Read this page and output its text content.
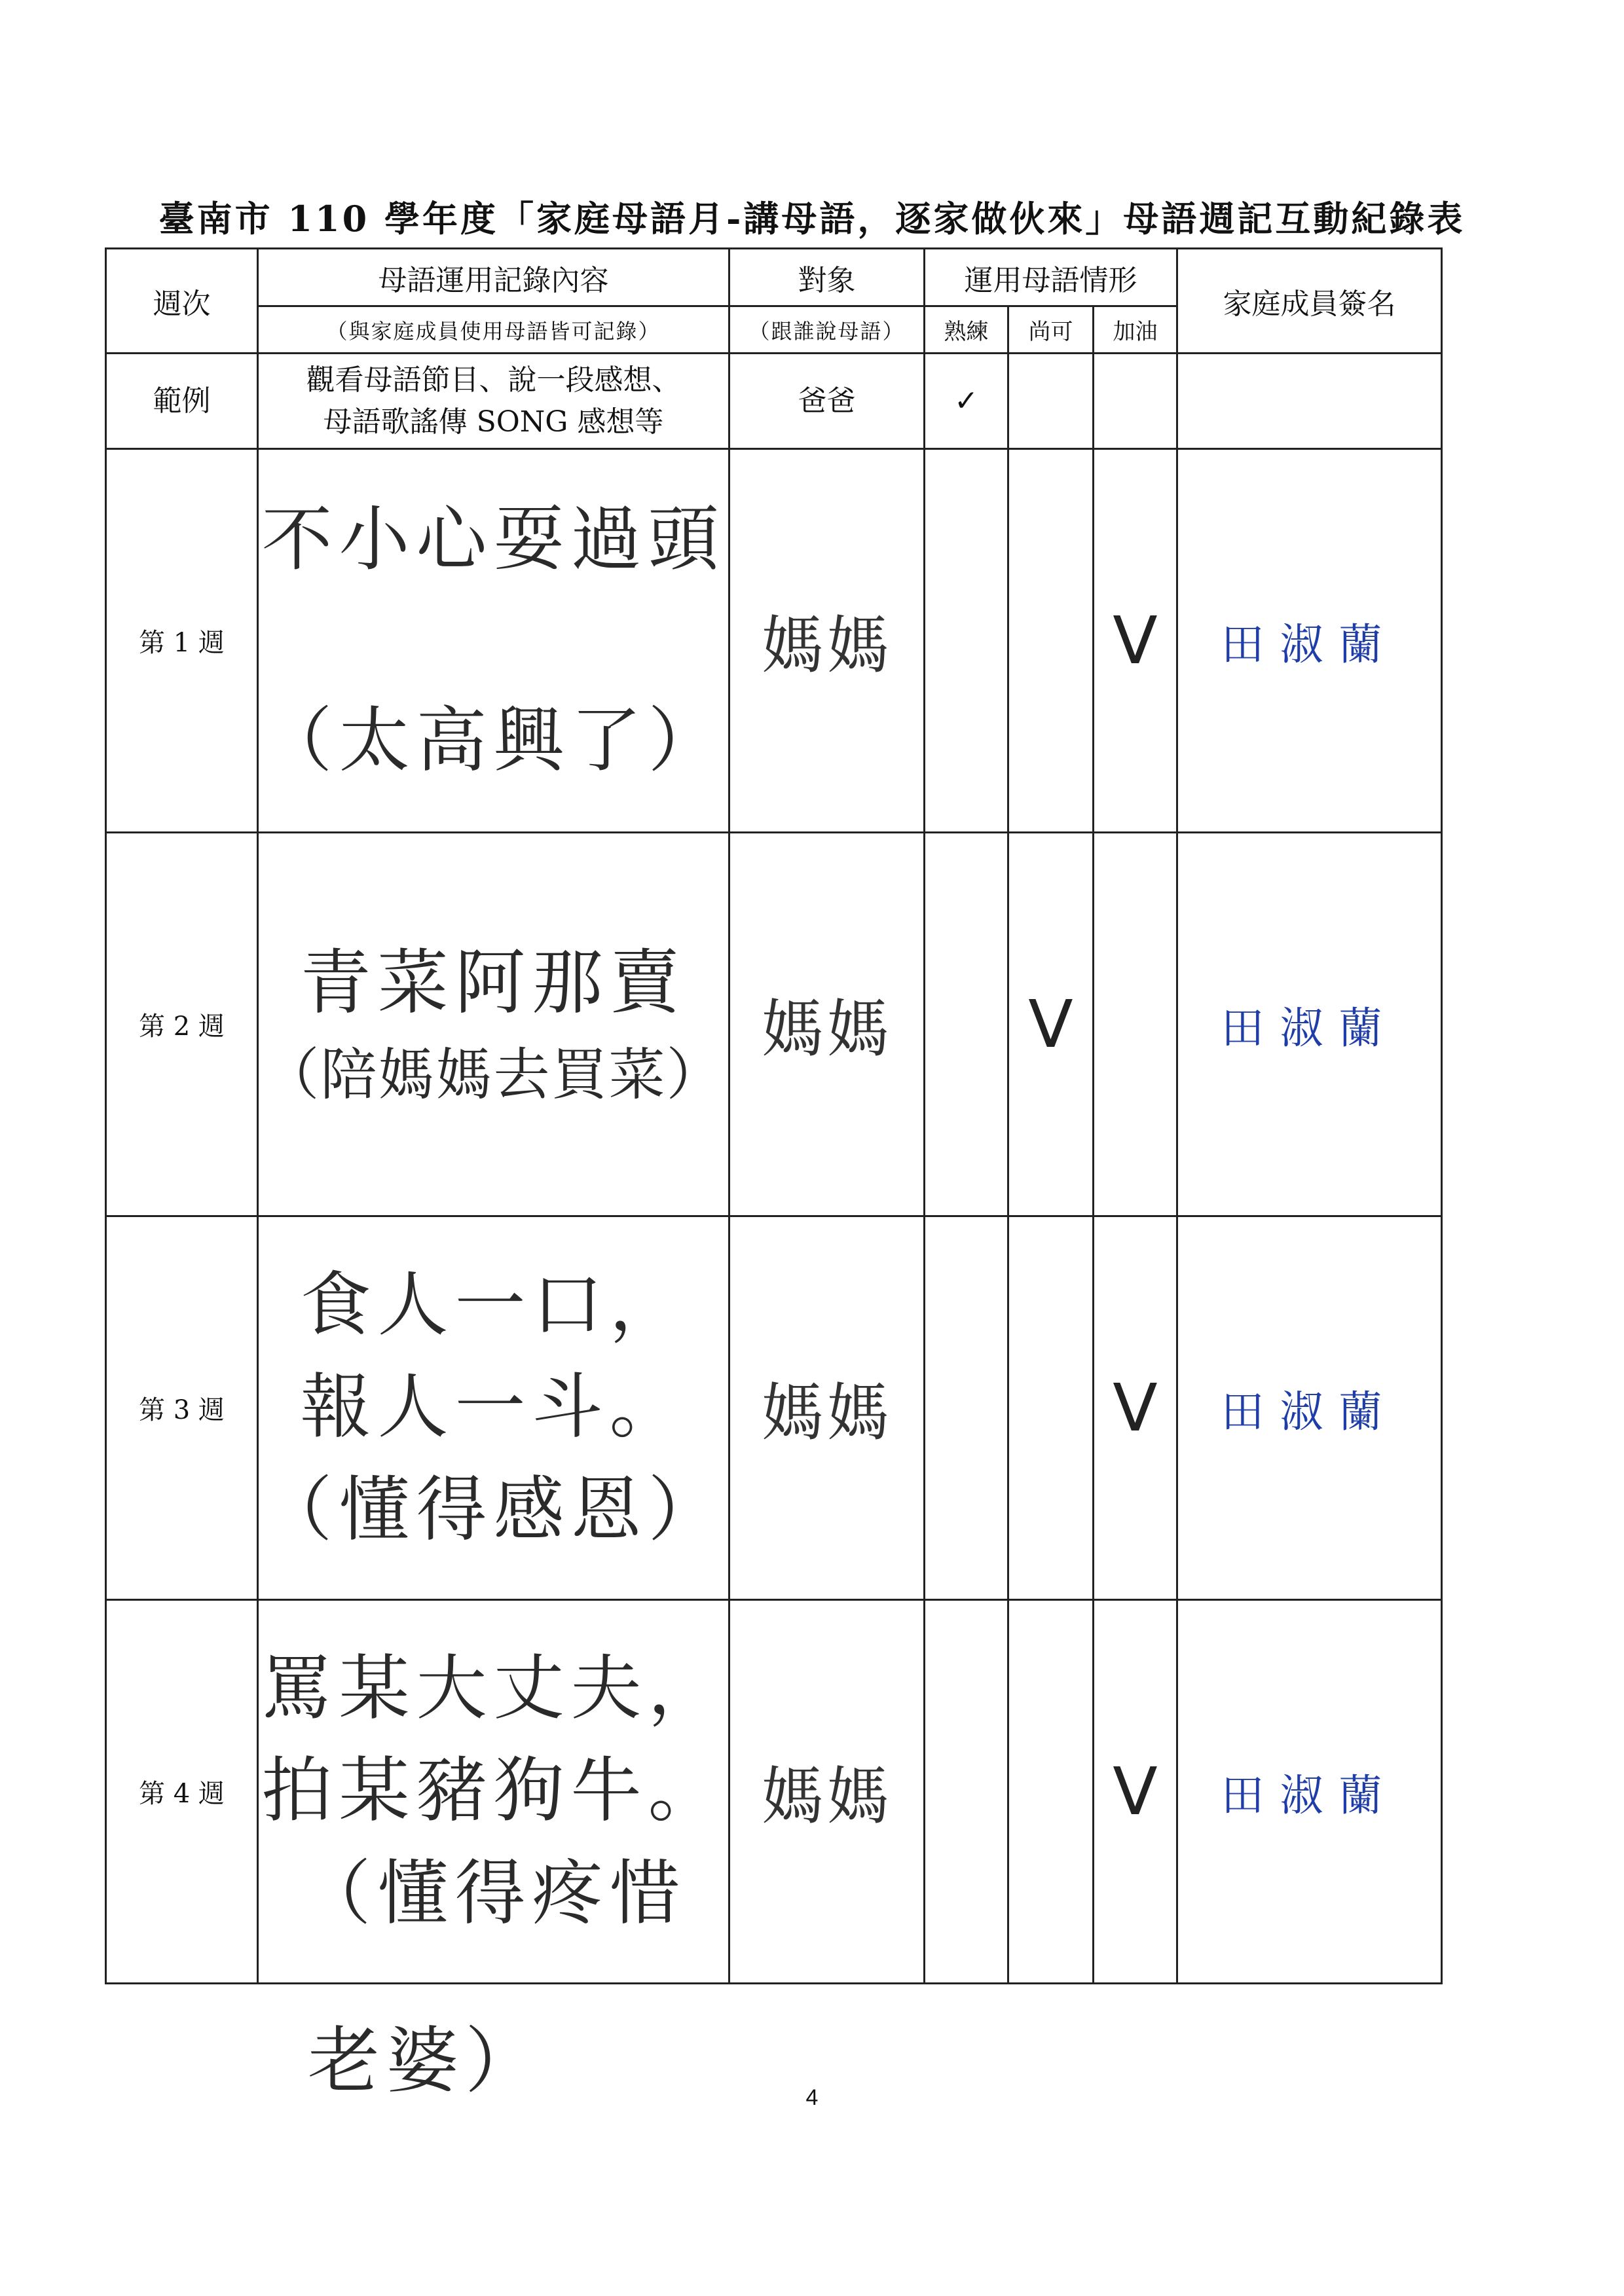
臺南市 110 學年度「家庭母語月-講母語，逐家做伙來」母語週記互動紀錄表
週次	母語運用記錄內容	對象	運用母語情形			家庭成員簽名
	（與家庭成員使用母語皆可記錄）	（跟誰說母語）	熟練	尚可	加油	
範例	觀看母語節目、說一段感想、
母語歌謠傳 SONG 感想等	爸爸	✓			
第 1 週	不小心耍過頭
（太高興了）	媽媽			V	田淑蘭
第 2 週	青菜阿那賣
（陪媽媽去買菜）	媽媽		V		田淑蘭
第 3 週	食人一口，
報人一斗。
（懂得感恩）	媽媽			V	田淑蘭
第 4 週	罵某大丈夫，
拍某豬狗牛。
（懂得疼惜	媽媽			V	田淑蘭
老婆）	4
